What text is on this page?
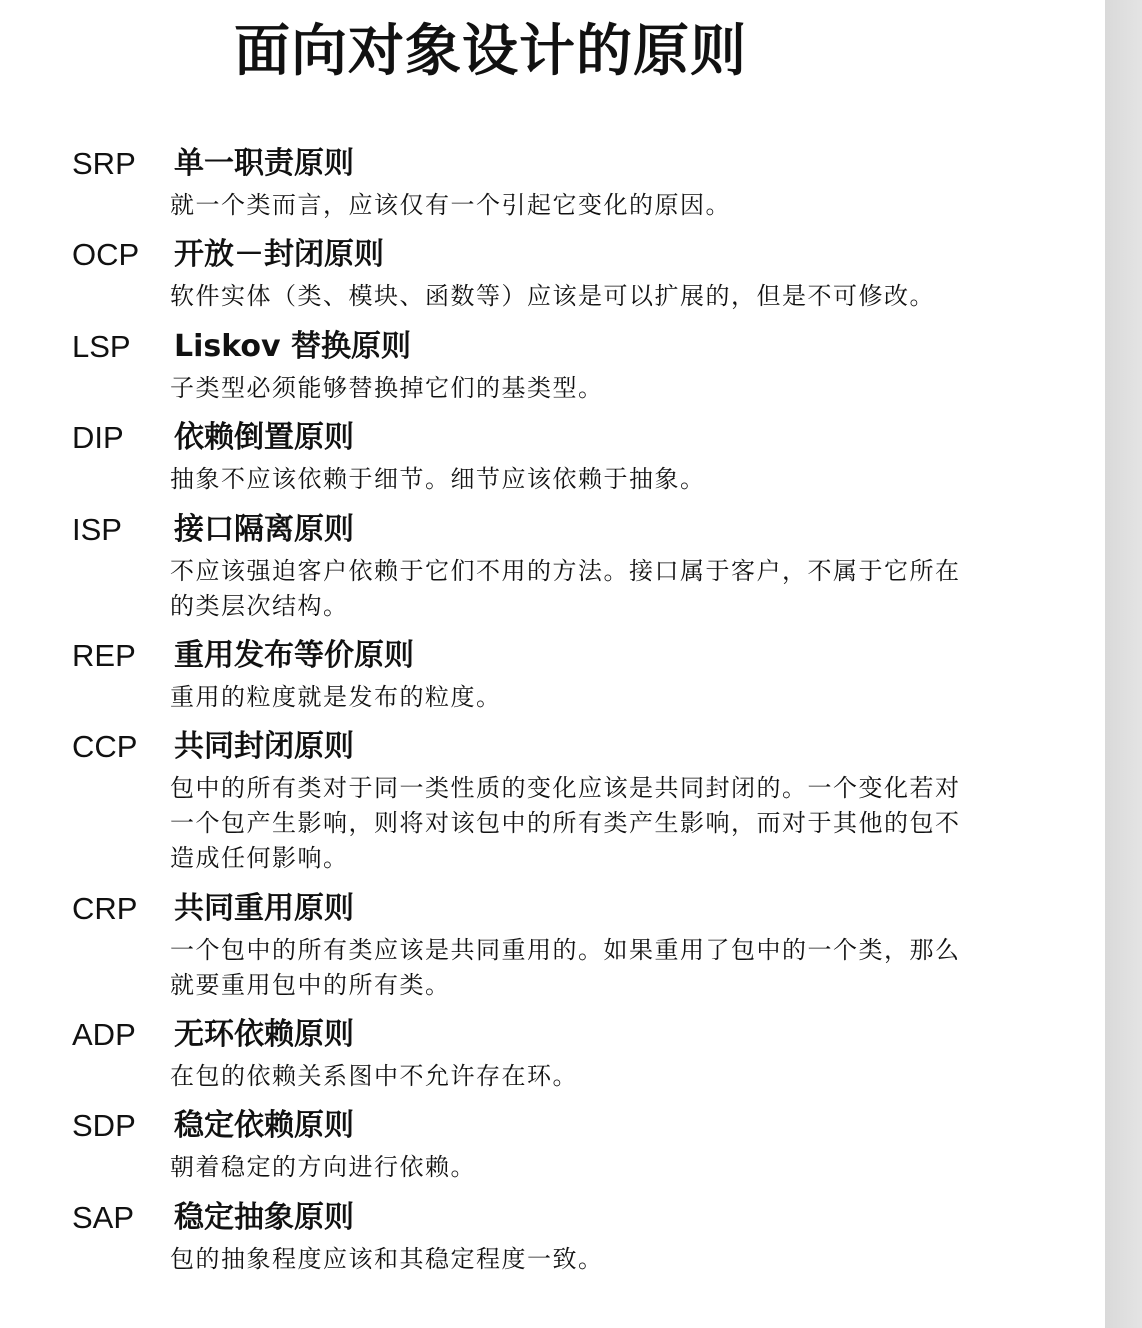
面向对象设计的原则
SRP 单一职责原则
就一个类而言，应该仅有一个引起它变化的原因。
OCP 开放－封闭原则
软件实体（类、模块、函数等）应该是可以扩展的，但是不可修改。
LSP Liskov 替换原则
子类型必须能够替换掉它们的基类型。
DIP 依赖倒置原则
抽象不应该依赖于细节。细节应该依赖于抽象。
ISP 接口隔离原则
不应该强迫客户依赖于它们不用的方法。接口属于客户，不属于它所在的类层次结构。
REP 重用发布等价原则
重用的粒度就是发布的粒度。
CCP 共同封闭原则
包中的所有类对于同一类性质的变化应该是共同封闭的。一个变化若对一个包产生影响，则将对该包中的所有类产生影响，而对于其他的包不造成任何影响。
CRP 共同重用原则
一个包中的所有类应该是共同重用的。如果重用了包中的一个类，那么就要重用包中的所有类。
ADP 无环依赖原则
在包的依赖关系图中不允许存在环。
SDP 稳定依赖原则
朝着稳定的方向进行依赖。
SAP 稳定抽象原则
包的抽象程度应该和其稳定程度一致。
